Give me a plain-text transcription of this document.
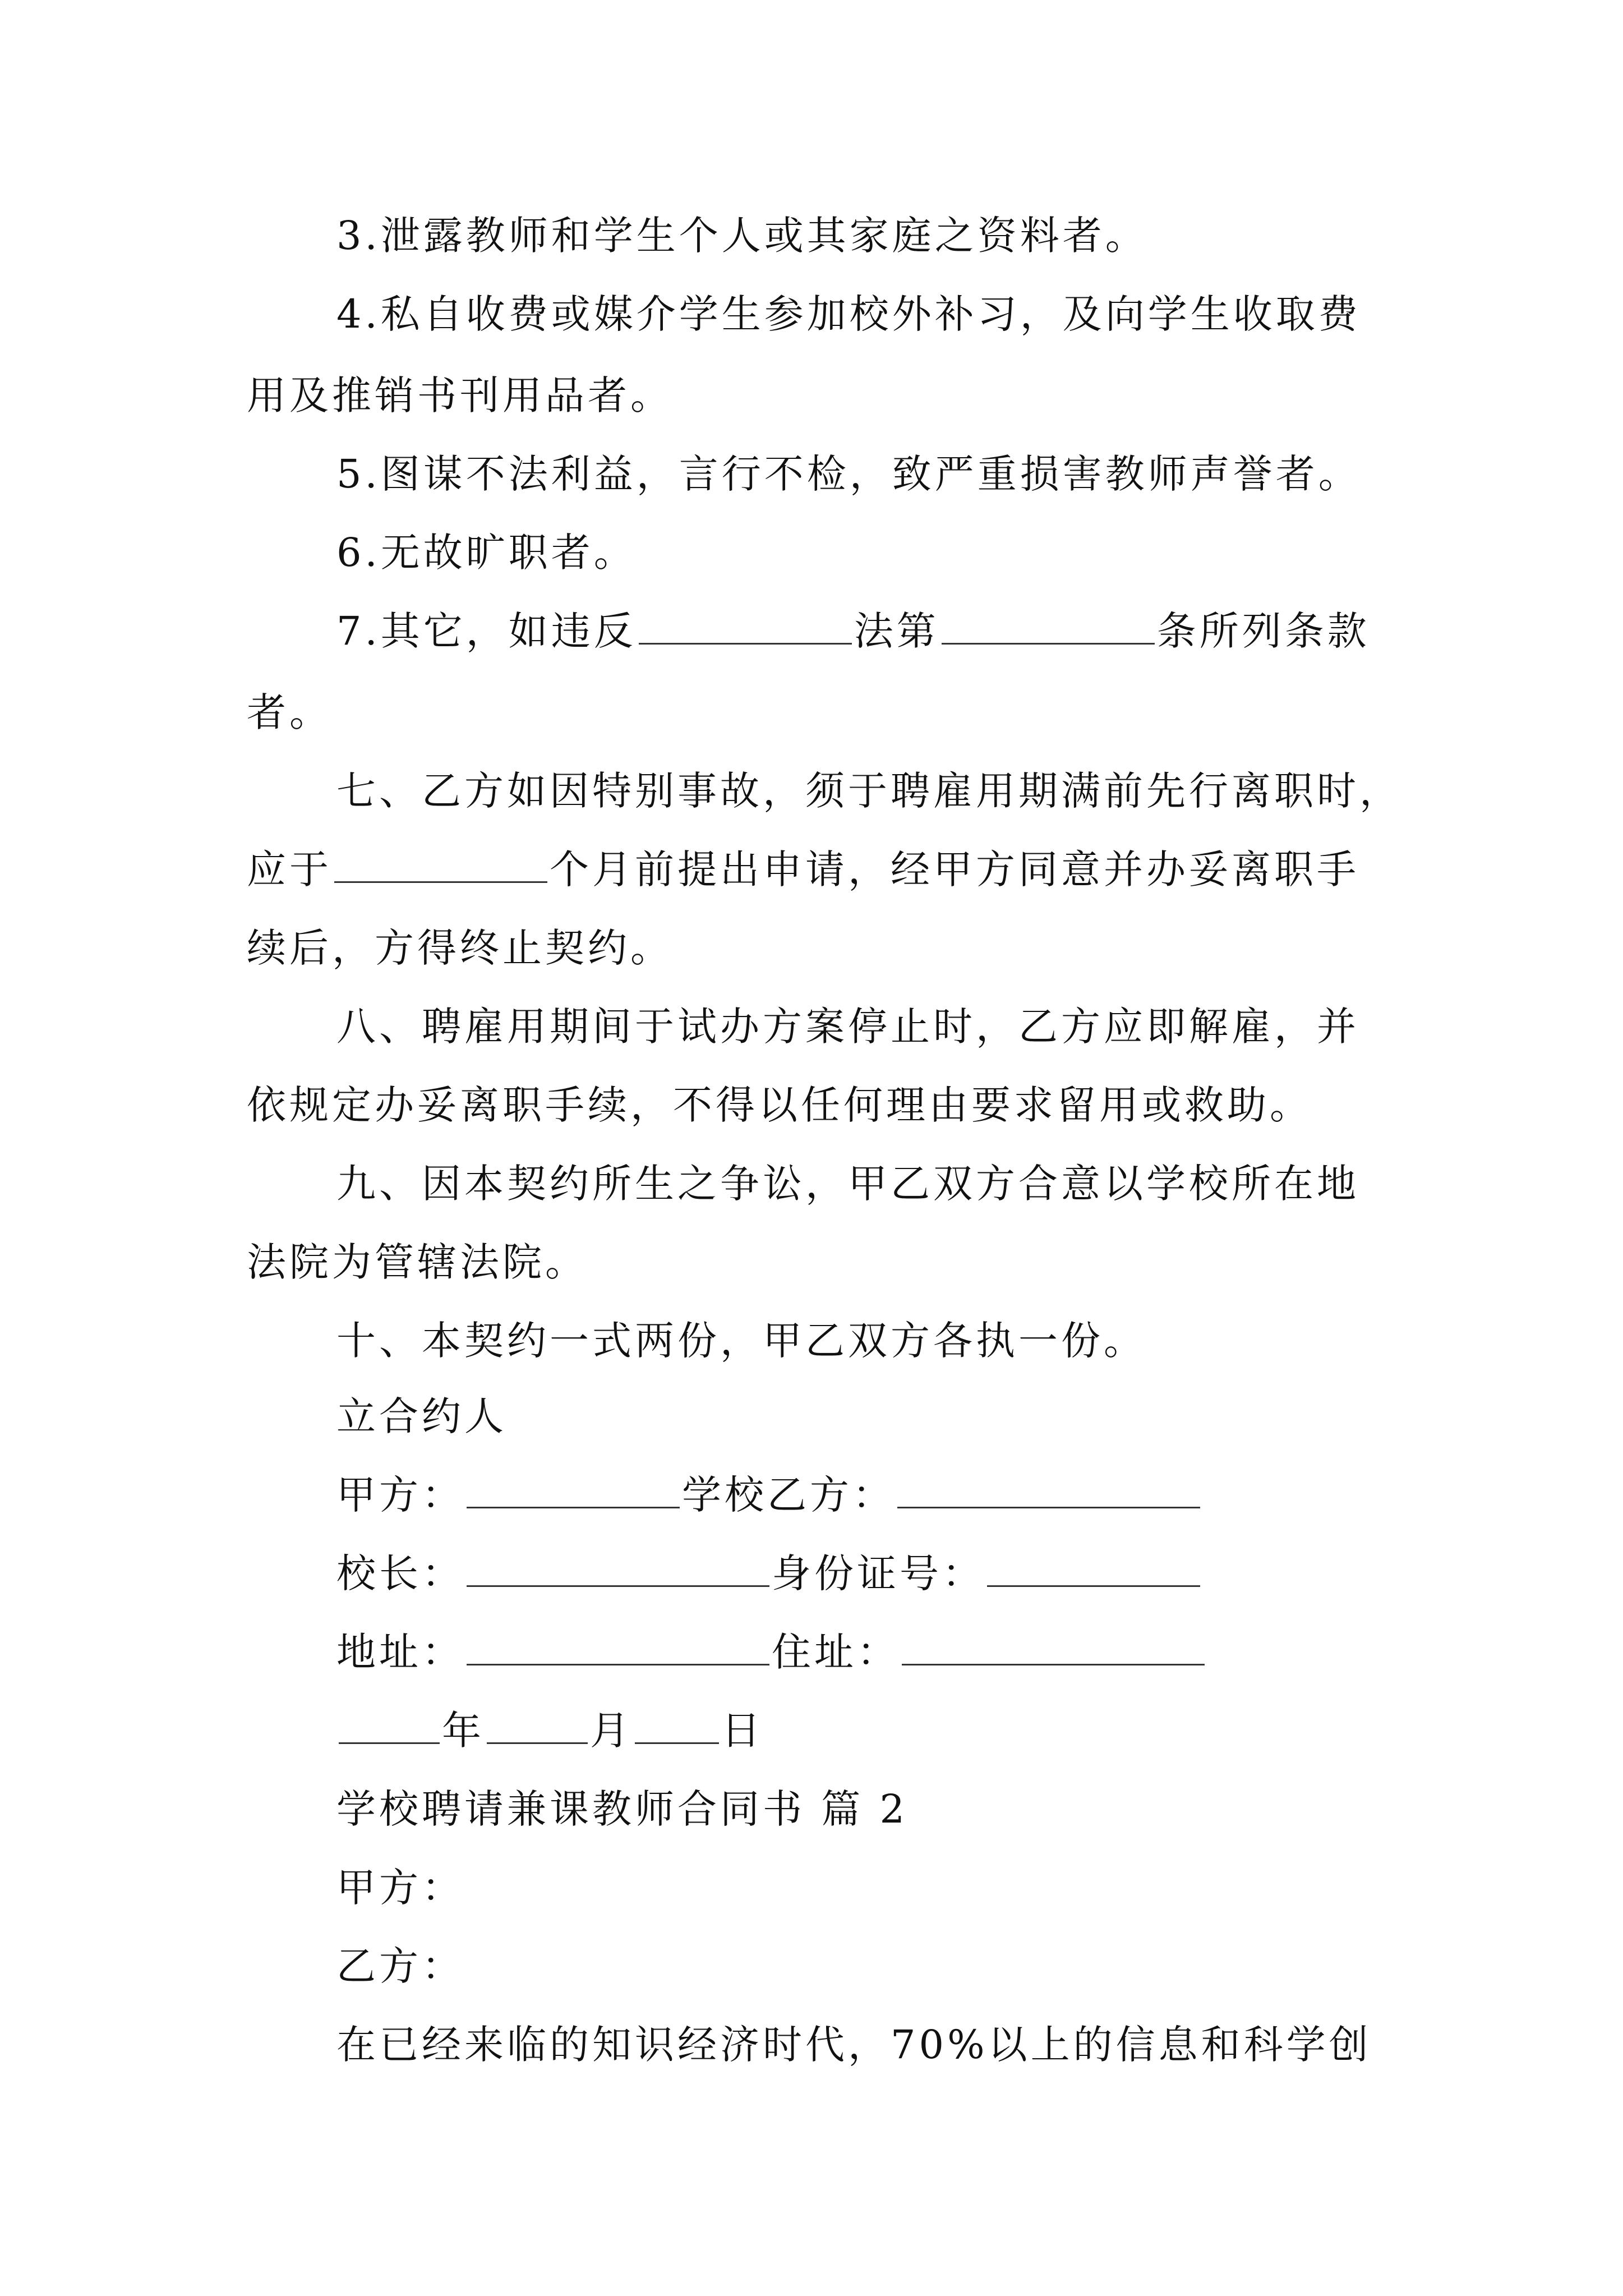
3.泄露教师和学生个人或其家庭之资料者。
4.私自收费或媒介学生参加校外补习，及向学生收取费
用及推销书刊用品者。
5.图谋不法利益，言行不检，致严重损害教师声誉者。
6.无故旷职者。
7.其它，如违反	法第	条所列条款
者。
七、乙方如因特别事故，须于聘雇用期满前先行离职时，
应于	个月前提出申请，经甲方同意并办妥离职手
续后，方得终止契约。
八、聘雇用期间于试办方案停止时，乙方应即解雇，并
依规定办妥离职手续，不得以任何理由要求留用或救助。
九、因本契约所生之争讼，甲乙双方合意以学校所在地
法院为管辖法院。
十、本契约一式两份，甲乙双方各执一份。
立合约人
甲方：	学校乙方：
校长：	身份证号：
地址：	住址：
年	月 日
学校聘请兼课教师合同书 篇 2
甲方：
乙方：
在已经来临的知识经济时代，70%以上的信息和科学创
